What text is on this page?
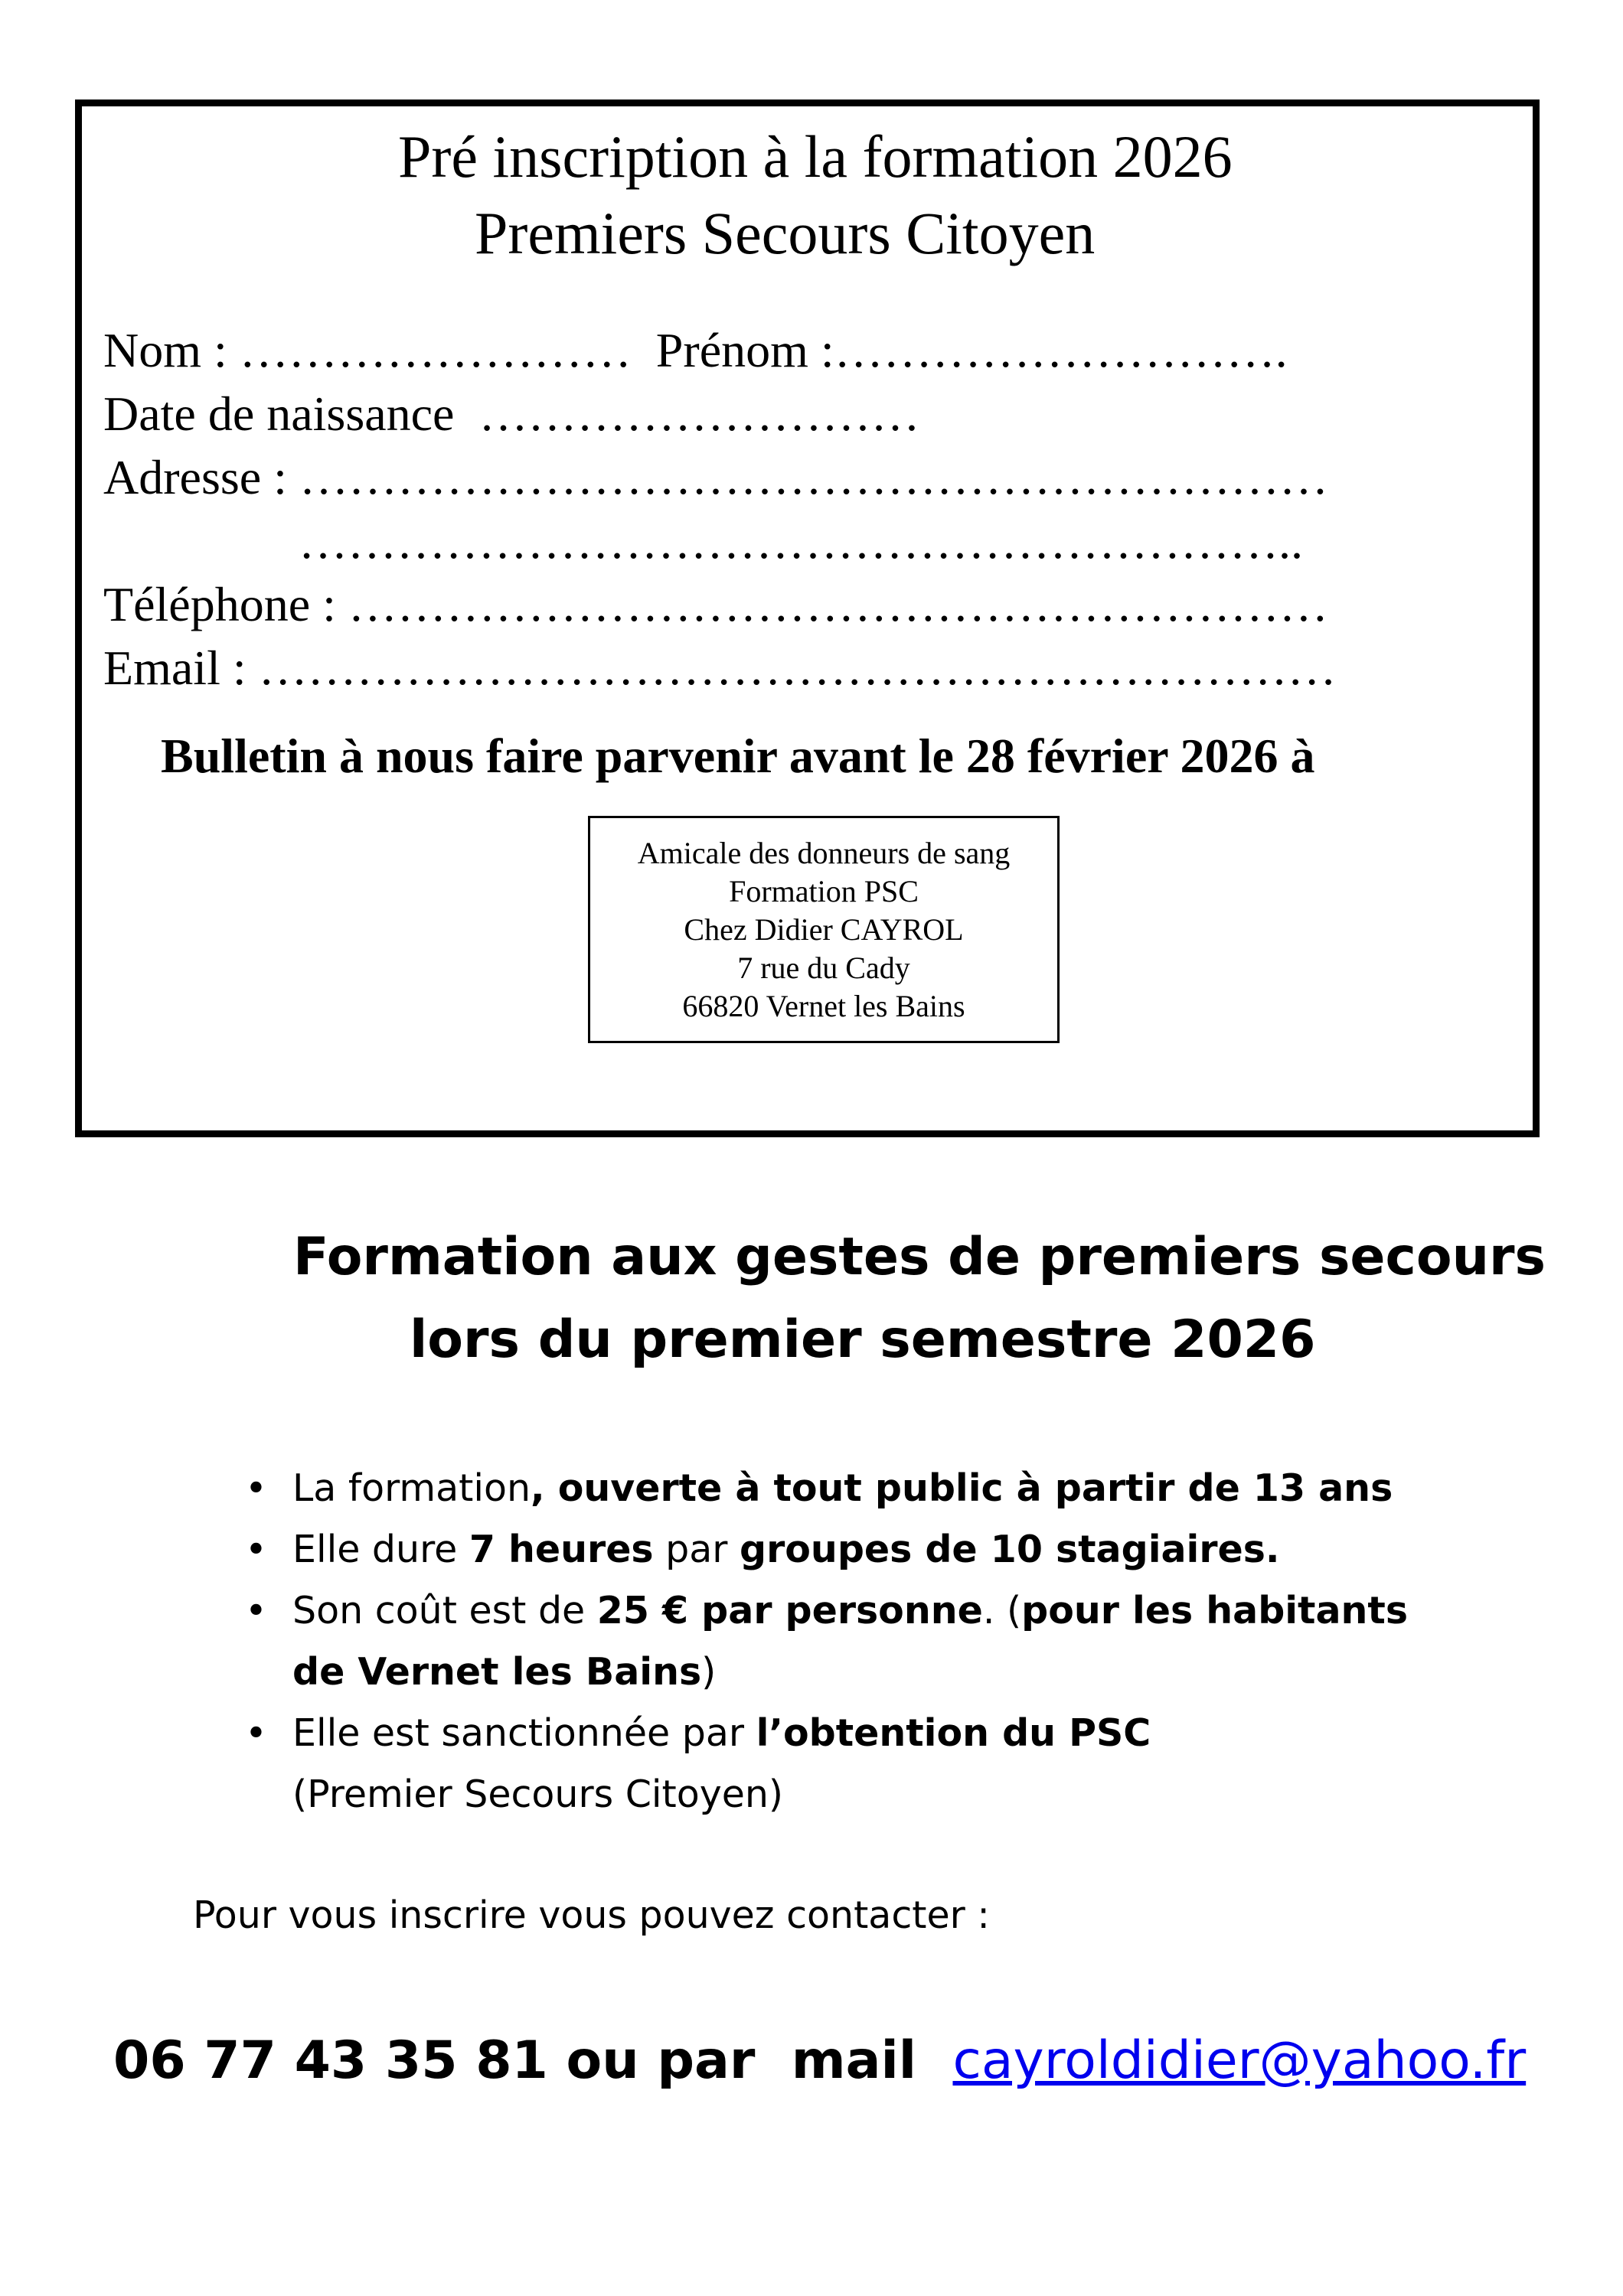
Pré inscription à la formation 2026
Premiers Secours Citoyen
Nom : …………………… Prénom :……………………….
Date de naissance  ………………………
Adresse : ………………………………………………………
……………………………………………………..
Téléphone : ……………………………………………………
Email : …………………………………………………………
Bulletin à nous faire parvenir avant le 28 février 2026 à
Amicale des donneurs de sang
Formation PSC
Chez Didier CAYROL
7 rue du Cady
66820 Vernet les Bains
Formation aux gestes de premiers secours
lors du premier semestre 2026
• La formation, ouverte à tout public à partir de 13 ans
• Elle dure 7 heures par groupes de 10 stagiaires.
• Son coût est de 25 € par personne. (pour les habitants
de Vernet les Bains)
• Elle est sanctionnée par l’obtention du PSC
(Premier Secours Citoyen)
Pour vous inscrire vous pouvez contacter :
06 77 43 35 81 ou par  mail  cayroldidier@yahoo.fr
